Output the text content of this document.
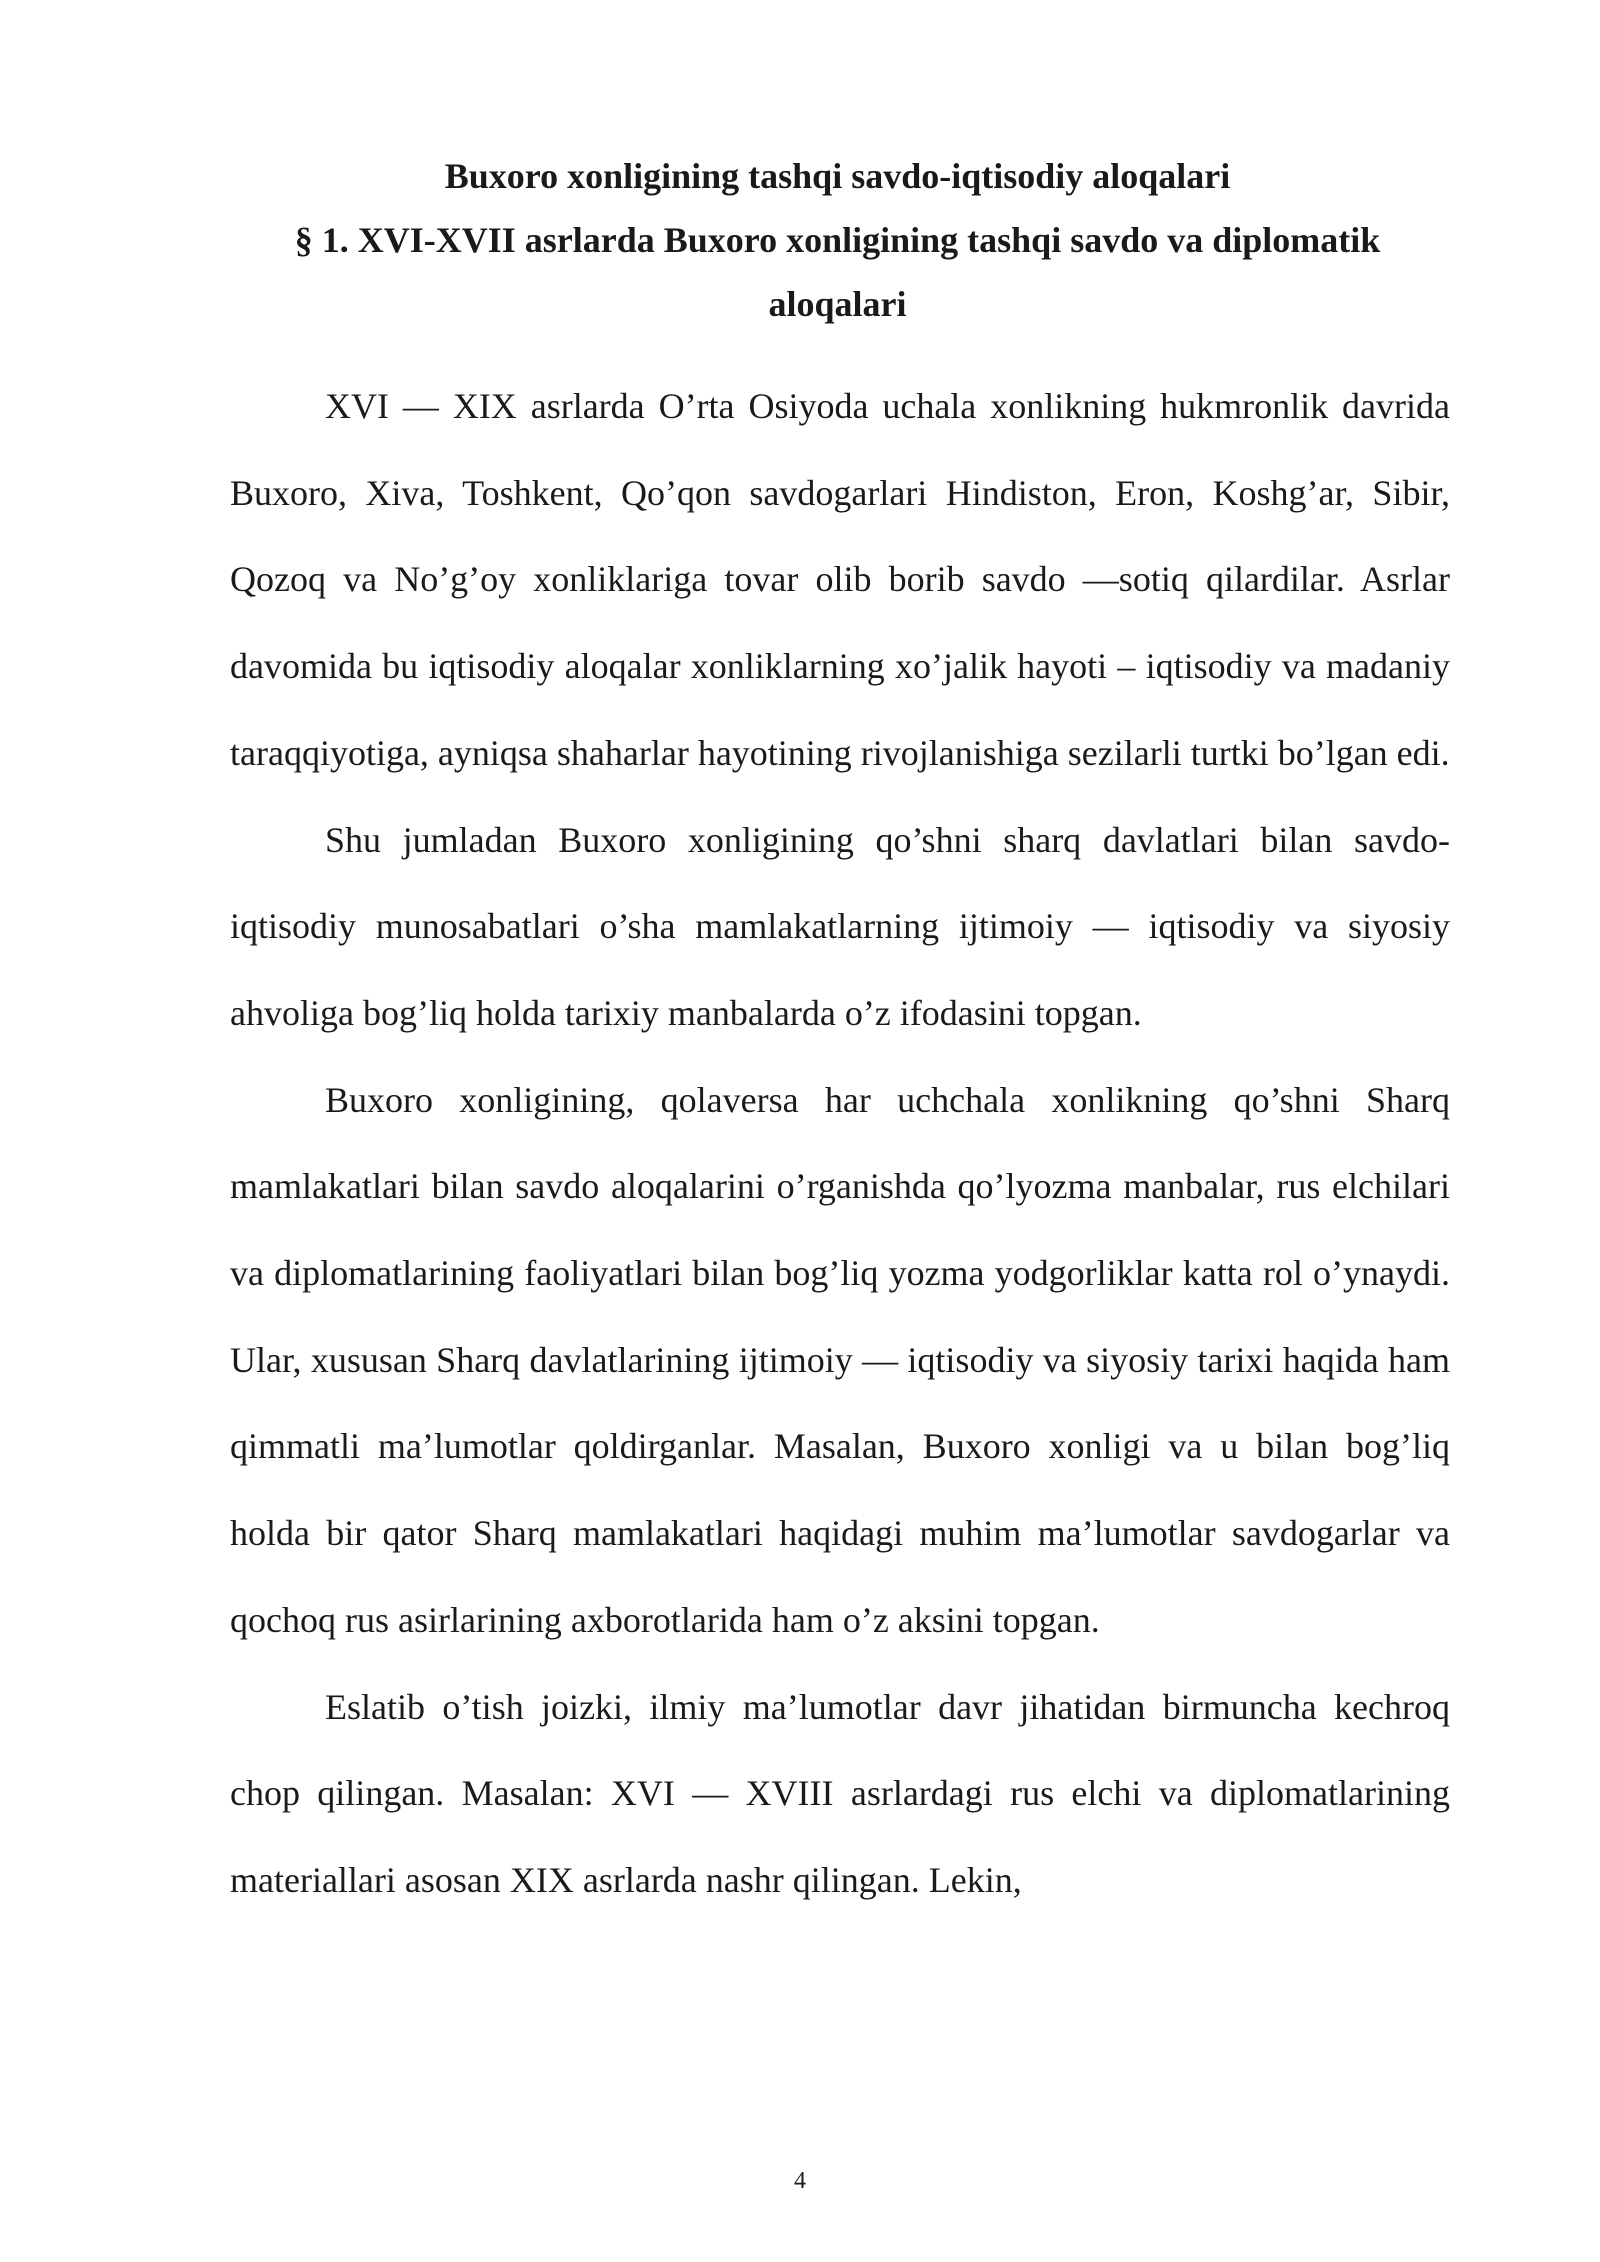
Buxoro xonligining tashqi savdo-iqtisodiy aloqalari
§ 1. XVI-XVII asrlarda Buxoro xonligining tashqi savdo va diplomatik aloqalari

XVI — XIX asrlarda O’rta Osiyoda uchala xonlikning hukmronlik davrida Buxoro, Xiva, Toshkent, Qo’qon savdogarlari Hindiston, Eron, Koshg’ar, Sibir, Qozoq va No’g’oy xonliklariga tovar olib borib savdo —sotiq qilardilar. Asrlar davomida bu iqtisodiy aloqalar xonliklarning xo’jalik hayoti – iqtisodiy va madaniy taraqqiyotiga, ayniqsa shaharlar hayotining rivojlanishiga sezilarli turtki bo’lgan edi.

Shu jumladan Buxoro xonligining qo’shni sharq davlatlari bilan savdo-iqtisodiy munosabatlari o’sha mamlakatlarning ijtimoiy — iqtisodiy va siyosiy ahvoliga bog’liq holda tarixiy manbalarda o’z ifodasini topgan.

Buxoro xonligining, qolaversa har uchchala xonlikning qo’shni Sharq mamlakatlari bilan savdo aloqalarini o’rganishda qo’lyozma manbalar, rus elchilari va diplomatlarining faoliyatlari bilan bog’liq yozma yodgorliklar katta rol o’ynaydi. Ular, xususan Sharq davlatlarining ijtimoiy — iqtisodiy va siyosiy tarixi haqida ham qimmatli ma’lumotlar qoldirganlar. Masalan, Buxoro xonligi va u bilan bog’liq holda bir qator Sharq mamlakatlari haqidagi muhim ma’lumotlar savdogarlar va qochoq rus asirlarining axborotlarida ham o’z aksini topgan.

Eslatib o’tish joizki, ilmiy ma’lumotlar davr jihatidan birmuncha kechroq chop qilingan. Masalan: XVI — XVIII asrlardagi rus elchi va diplomatlarining materiallari asosan XIX asrlarda nashr qilingan. Lekin,

4
